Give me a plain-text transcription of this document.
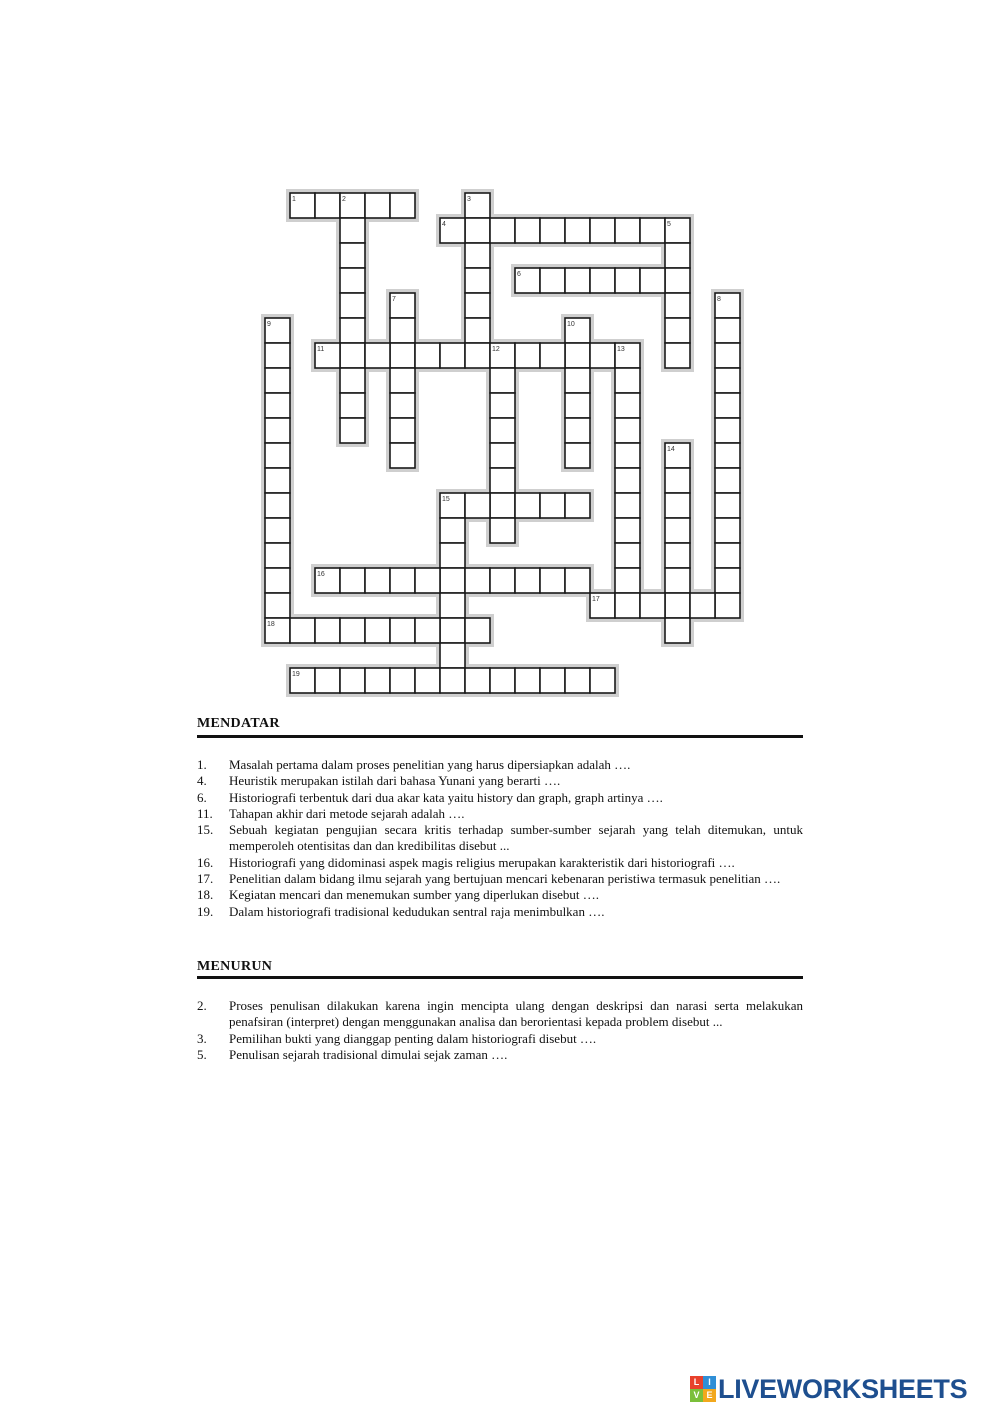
1	3
4	5
6
2
7	8
9	10
11	12	13
14
15
16
17
18
19
MENDATAR
1.	Masalah pertama dalam proses penelitian yang harus dipersiapkan adalah ….
4.	Heuristik merupakan istilah dari bahasa Yunani yang berarti ….
6.	Historiografi terbentuk dari dua akar kata yaitu history dan graph, graph artinya ….
11.	Tahapan akhir dari metode sejarah adalah ….
15.	Sebuah kegiatan pengujian secara kritis terhadap sumber-sumber sejarah yang telah ditemukan, untuk memperoleh otentisitas dan dan kredibilitas disebut ...
16.	Historiografi yang didominasi aspek magis religius merupakan karakteristik dari historiografi ….
17.	Penelitian dalam bidang ilmu sejarah yang bertujuan mencari kebenaran peristiwa termasuk penelitian ….
18.	Kegiatan mencari dan menemukan sumber yang diperlukan disebut ….
19.	Dalam historiografi tradisional kedudukan sentral raja menimbulkan ….
MENURUN
2.	Proses penulisan dilakukan karena ingin mencipta ulang dengan deskripsi dan narasi serta melakukan penafsiran (interpret) dengan menggunakan analisa dan berorientasi kepada problem disebut ...
3.	Pemilihan bukti yang dianggap penting dalam historiografi disebut ….
5.	Penulisan sejarah tradisional dimulai sejak zaman ….
L I
V E LIVEWORKSHEETS
